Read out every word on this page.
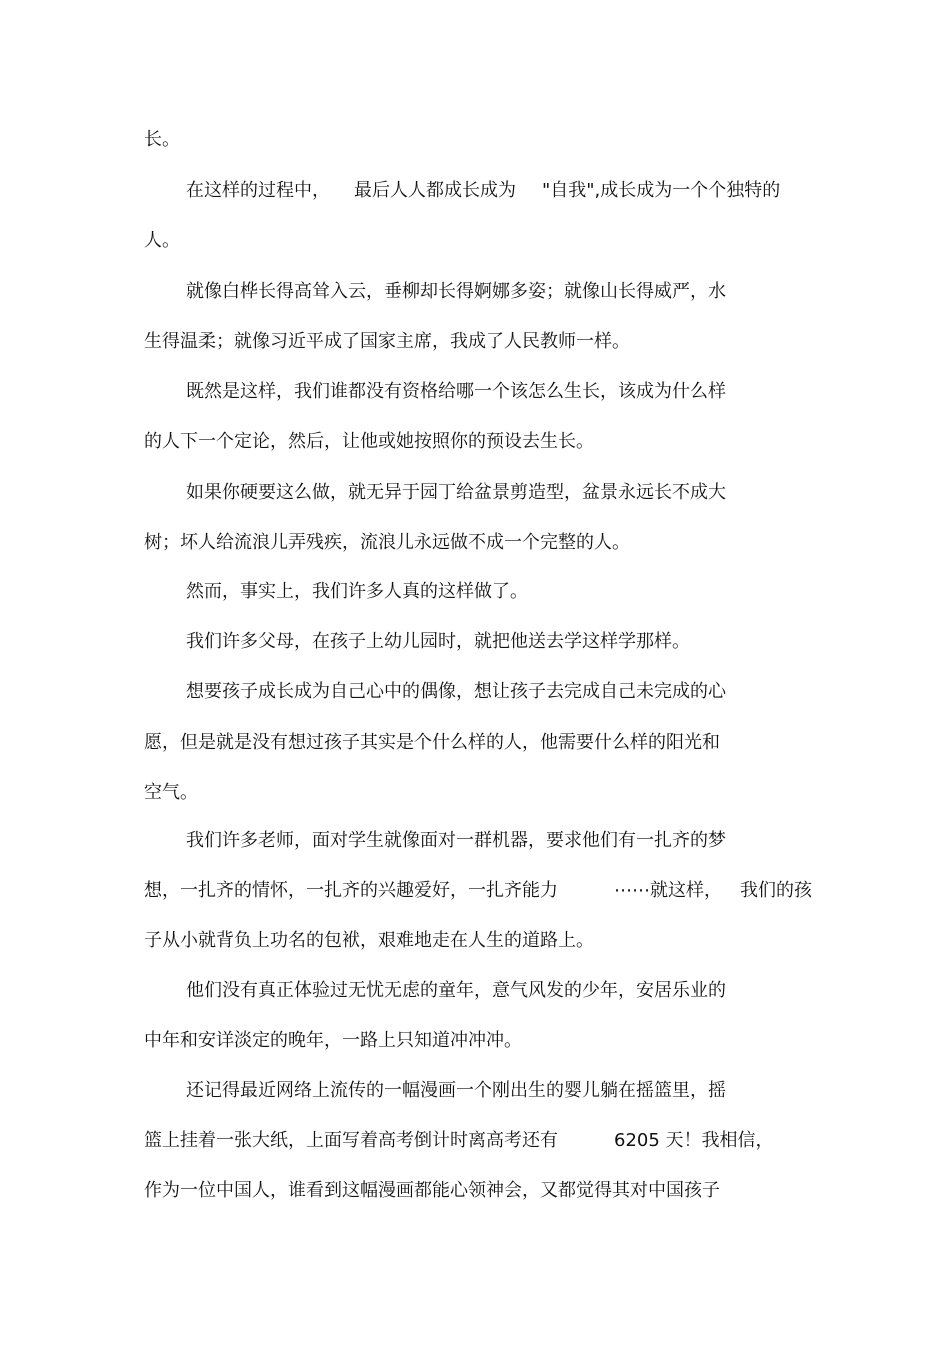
长。
在这样的过程中， 最后人人都成长成为 "自我",成长成为一个个独特的
人。
就像白桦长得高耸入云，垂柳却长得婀娜多姿；就像山长得威严，水
生得温柔；就像习近平成了国家主席，我成了人民教师一样。
既然是这样，我们谁都没有资格给哪一个该怎么生长，该成为什么样
的人下一个定论，然后，让他或她按照你的预设去生长。
如果你硬要这么做，就无异于园丁给盆景剪造型，盆景永远长不成大
树；坏人给流浪儿弄残疾，流浪儿永远做不成一个完整的人。
然而，事实上，我们许多人真的这样做了。
我们许多父母，在孩子上幼儿园时，就把他送去学这样学那样。
想要孩子成长成为自己心中的偶像，想让孩子去完成自己未完成的心
愿，但是就是没有想过孩子其实是个什么样的人，他需要什么样的阳光和
空气。
我们许多老师，面对学生就像面对一群机器，要求他们有一扎齐的梦
想，一扎齐的情怀，一扎齐的兴趣爱好，一扎齐能力	⋯⋯就这样， 我们的孩
子从小就背负上功名的包袱，艰难地走在人生的道路上。
他们没有真正体验过无忧无虑的童年，意气风发的少年，安居乐业的
中年和安详淡定的晚年，一路上只知道冲冲冲。
还记得最近网络上流传的一幅漫画一个刚出生的婴儿躺在摇篮里，摇
篮上挂着一张大纸，上面写着高考倒计时离高考还有	6205 天！我相信，
作为一位中国人，谁看到这幅漫画都能心领神会，又都觉得其对中国孩子
